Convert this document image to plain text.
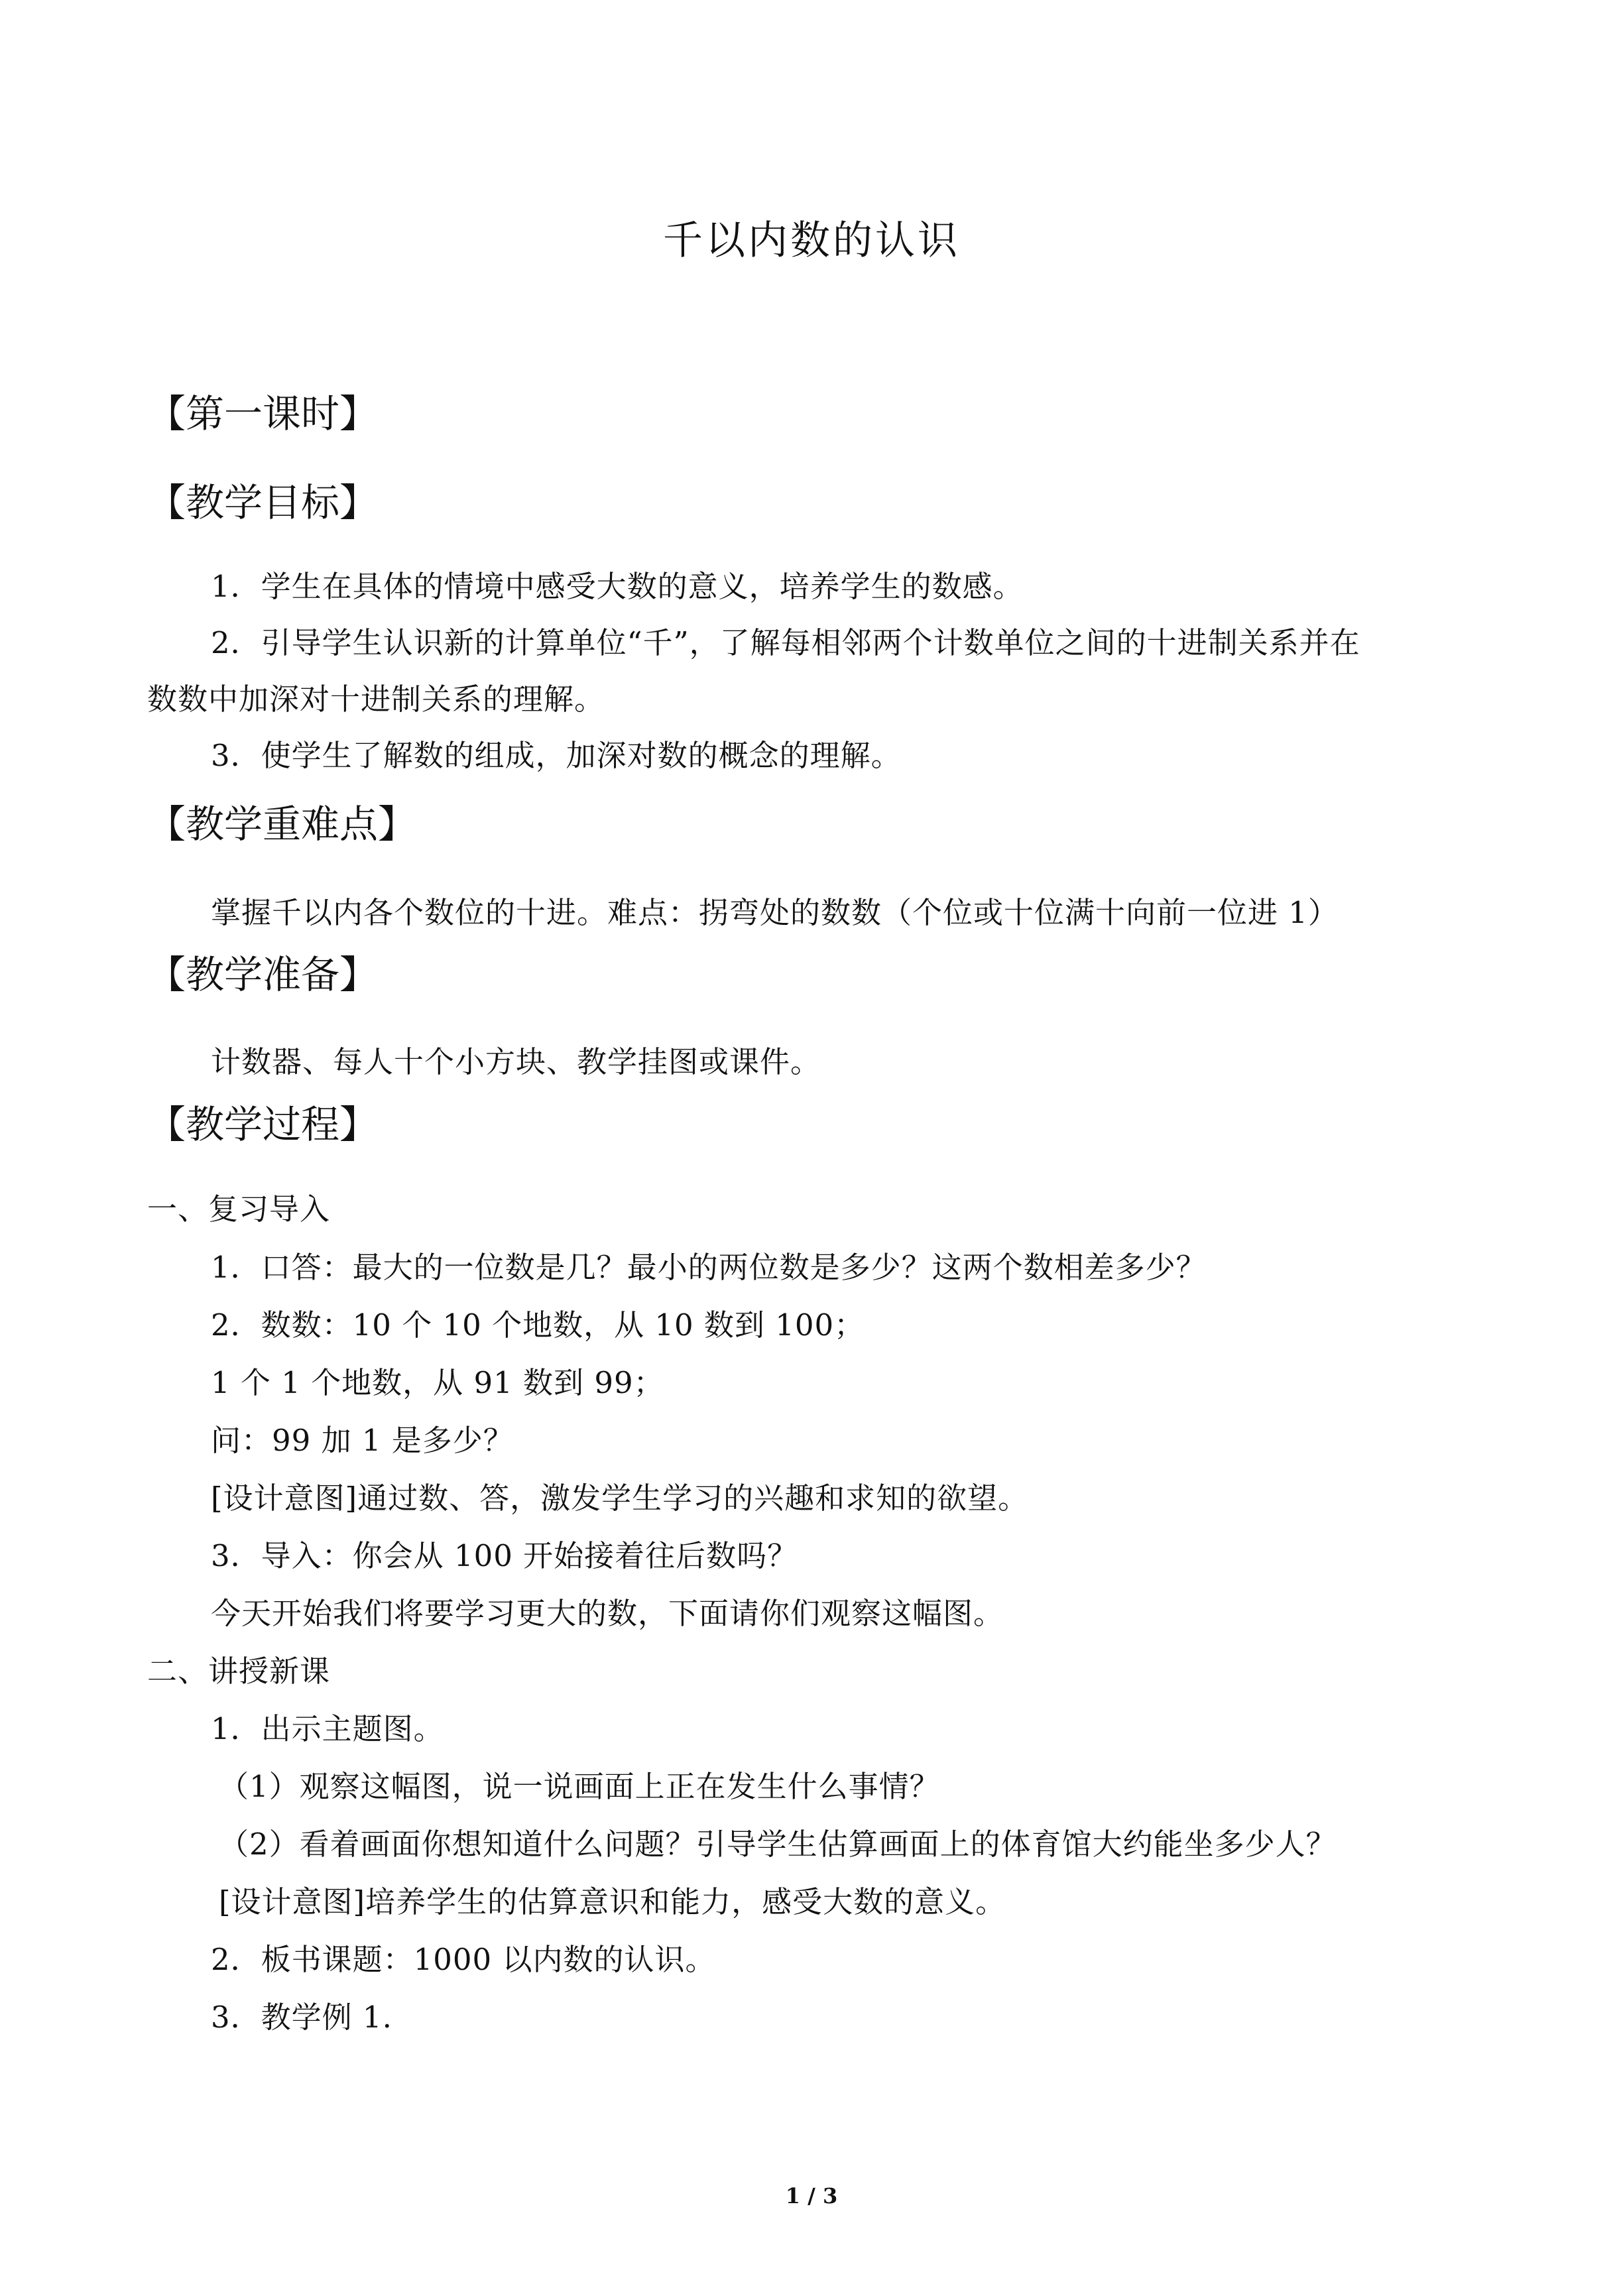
千以内数的认识
【第一课时】
【教学目标】
1．学生在具体的情境中感受大数的意义，培养学生的数感。
2．引导学生认识新的计算单位“千”，了解每相邻两个计数单位之间的十进制关系并在
数数中加深对十进制关系的理解。
3．使学生了解数的组成，加深对数的概念的理解。
【教学重难点】
掌握千以内各个数位的十进。难点：拐弯处的数数（个位或十位满十向前一位进 1）
【教学准备】
计数器、每人十个小方块、教学挂图或课件。
【教学过程】
一、复习导入
1．口答：最大的一位数是几？最小的两位数是多少？这两个数相差多少？
2．数数：10 个 10 个地数，从 10 数到 100；
1 个 1 个地数，从 91 数到 99；
问：99 加 1 是多少？
[设计意图]通过数、答，激发学生学习的兴趣和求知的欲望。
3．导入：你会从 100 开始接着往后数吗？
今天开始我们将要学习更大的数，下面请你们观察这幅图。
二、讲授新课
1．出示主题图。
（1）观察这幅图，说一说画面上正在发生什么事情？
（2）看着画面你想知道什么问题？引导学生估算画面上的体育馆大约能坐多少人？
[设计意图]培养学生的估算意识和能力，感受大数的意义。
2．板书课题：1000 以内数的认识。
3．教学例 1.
1 / 3
